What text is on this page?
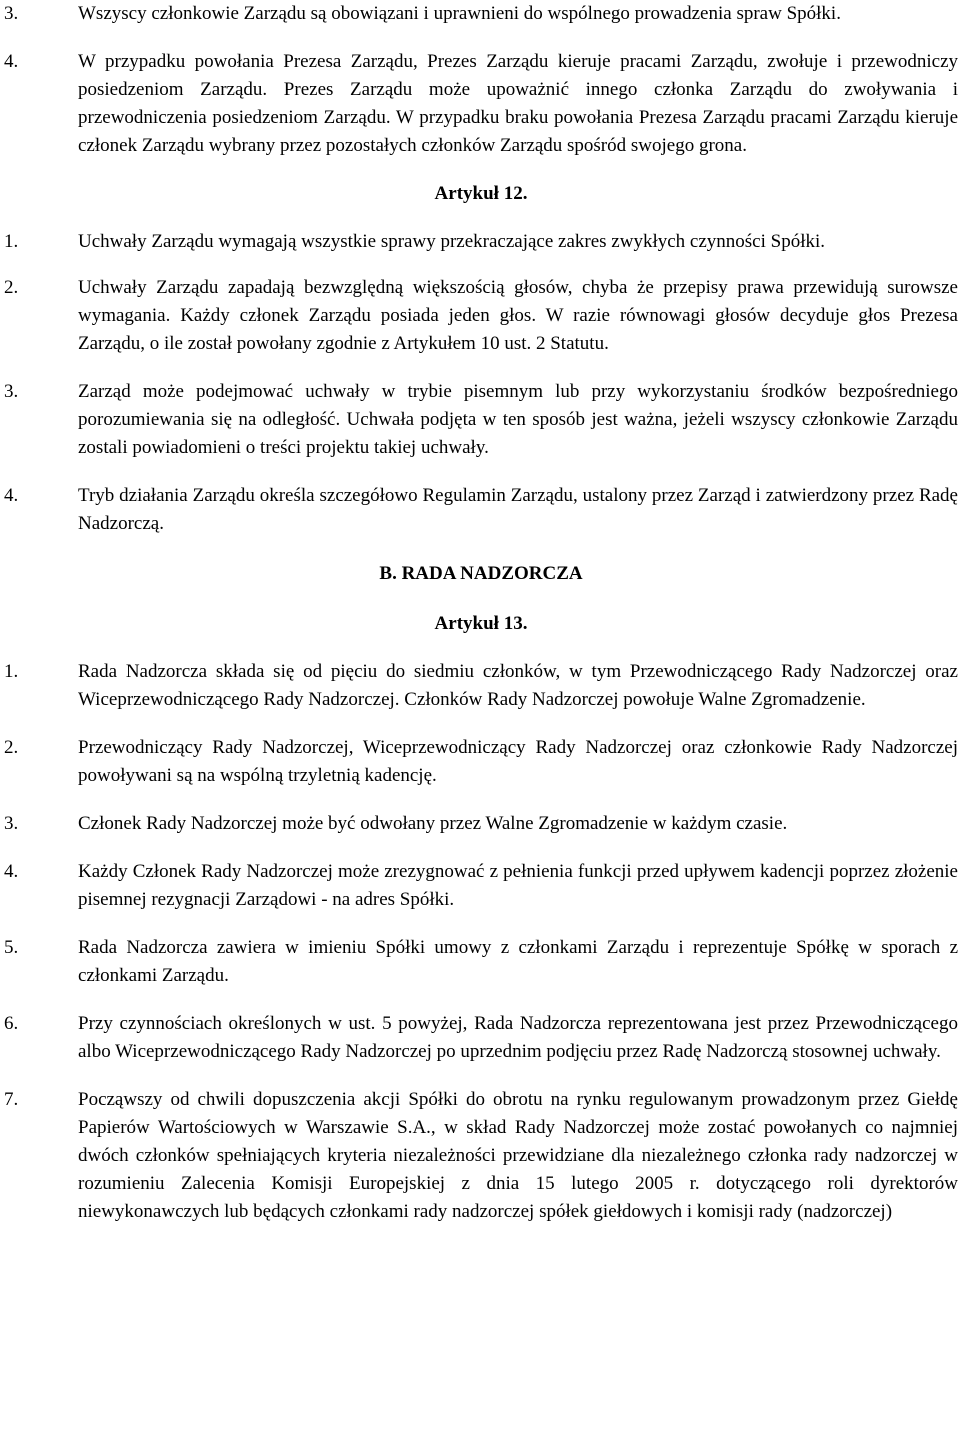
3.	Wszyscy członkowie Zarządu są obowiązani i uprawnieni do wspólnego prowadzenia spraw Spółki.
4.	W przypadku powołania Prezesa Zarządu, Prezes Zarządu kieruje pracami Zarządu, zwołuje i przewodniczy posiedzeniom Zarządu. Prezes Zarządu może upoważnić innego członka Zarządu do zwoływania i przewodniczenia posiedzeniom Zarządu. W przypadku braku powołania Prezesa Zarządu pracami Zarządu kieruje członek Zarządu wybrany przez pozostałych członków Zarządu spośród swojego grona.
Artykuł 12.
1.	Uchwały Zarządu wymagają wszystkie sprawy przekraczające zakres zwykłych czynności Spółki.
2.	Uchwały Zarządu zapadają bezwzględną większością głosów, chyba że przepisy prawa przewidują surowsze wymagania. Każdy członek Zarządu posiada jeden głos. W razie równowagi głosów decyduje głos Prezesa Zarządu, o ile został powołany zgodnie z Artykułem 10 ust. 2 Statutu.
3.	Zarząd może podejmować uchwały w trybie pisemnym lub przy wykorzystaniu środków bezpośredniego porozumiewania się na odległość. Uchwała podjęta w ten sposób jest ważna, jeżeli wszyscy członkowie Zarządu zostali powiadomieni o treści projektu takiej uchwały.
4.	Tryb działania Zarządu określa szczegółowo Regulamin Zarządu, ustalony przez Zarząd i zatwierdzony przez Radę Nadzorczą.
B. RADA NADZORCZA
Artykuł 13.
1.	Rada Nadzorcza składa się od pięciu do siedmiu członków, w tym Przewodniczącego Rady Nadzorczej oraz Wiceprzewodniczącego Rady Nadzorczej. Członków Rady Nadzorczej powołuje Walne Zgromadzenie.
2.	Przewodniczący Rady Nadzorczej, Wiceprzewodniczący Rady Nadzorczej oraz członkowie Rady Nadzorczej powoływani są na wspólną trzyletnią kadencję.
3.	Członek Rady Nadzorczej może być odwołany przez Walne Zgromadzenie w każdym czasie.
4.	Każdy Członek Rady Nadzorczej może zrezygnować z pełnienia funkcji przed upływem kadencji poprzez złożenie pisemnej rezygnacji Zarządowi - na adres Spółki.
5.	Rada Nadzorcza zawiera w imieniu Spółki umowy z członkami Zarządu i reprezentuje Spółkę w sporach z członkami Zarządu.
6.	Przy czynnościach określonych w ust. 5 powyżej, Rada Nadzorcza reprezentowana jest przez Przewodniczącego albo Wiceprzewodniczącego Rady Nadzorczej po uprzednim podjęciu przez Radę Nadzorczą stosownej uchwały.
7.	Począwszy od chwili dopuszczenia akcji Spółki do obrotu na rynku regulowanym prowadzonym przez Giełdę Papierów Wartościowych w Warszawie S.A., w skład Rady Nadzorczej może zostać powołanych co najmniej dwóch członków spełniających kryteria niezależności przewidziane dla niezależnego członka rady nadzorczej w rozumieniu Zalecenia Komisji Europejskiej z dnia 15 lutego 2005 r. dotyczącego roli dyrektorów niewykonawczych lub będących członkami rady nadzorczej spółek giełdowych i komisji rady (nadzorczej)
